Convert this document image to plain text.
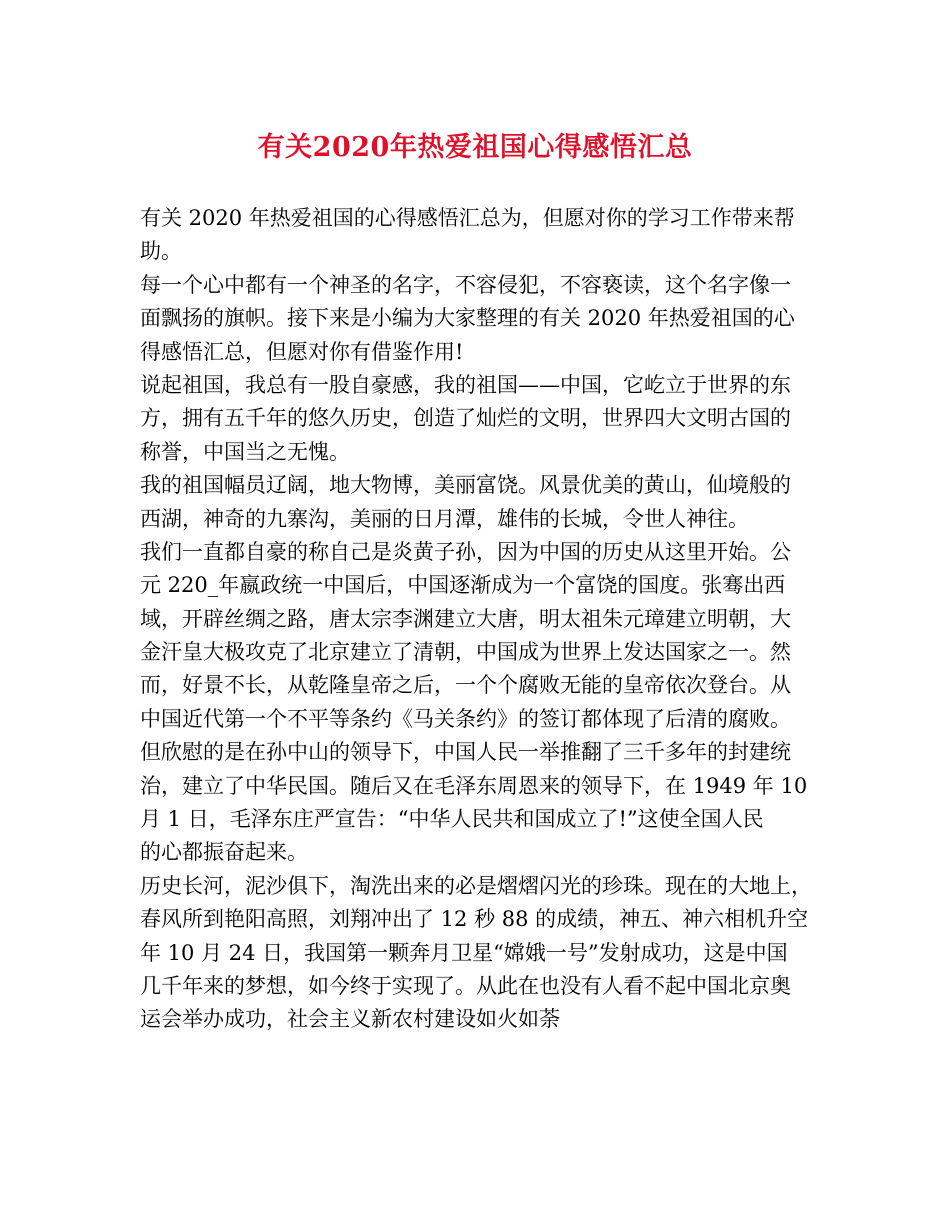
有关2020年热爱祖国心得感悟汇总
有关 2020 年热爱祖国的心得感悟汇总为，但愿对你的学习工作带来帮
助。
每一个心中都有一个神圣的名字，不容侵犯，不容亵读，这个名字像一
面飘扬的旗帜。接下来是小编为大家整理的有关 2020 年热爱祖国的心
得感悟汇总，但愿对你有借鉴作用!
说起祖国，我总有一股自豪感，我的祖国——中国，它屹立于世界的东
方，拥有五千年的悠久历史，创造了灿烂的文明，世界四大文明古国的
称誉，中国当之无愧。
我的祖国幅员辽阔，地大物博，美丽富饶。风景优美的黄山，仙境般的
西湖，神奇的九寨沟，美丽的日月潭，雄伟的长城，令世人神往。
我们一直都自豪的称自己是炎黄子孙，因为中国的历史从这里开始。公
元 220_年嬴政统一中国后，中国逐渐成为一个富饶的国度。张骞出西
域，开辟丝绸之路，唐太宗李渊建立大唐，明太祖朱元璋建立明朝，大
金汗皇大极攻克了北京建立了清朝，中国成为世界上发达国家之一。然
而，好景不长，从乾隆皇帝之后，一个个腐败无能的皇帝依次登台。从
中国近代第一个不平等条约《马关条约》的签订都体现了后清的腐败。
但欣慰的是在孙中山的领导下，中国人民一举推翻了三千多年的封建统
治，建立了中华民国。随后又在毛泽东周恩来的领导下，在 1949 年 10
月 1 日，毛泽东庄严宣告：“中华人民共和国成立了!”这使全国人民
的心都振奋起来。
历史长河，泥沙俱下，淘洗出来的必是熠熠闪光的珍珠。现在的大地上，
春风所到艳阳高照，刘翔冲出了 12 秒 88 的成绩，神五、神六相机升空
年 10 月 24 日，我国第一颗奔月卫星“嫦娥一号”发射成功，这是中国
几千年来的梦想，如今终于实现了。从此在也没有人看不起中国北京奥
运会举办成功，社会主义新农村建设如火如荼
